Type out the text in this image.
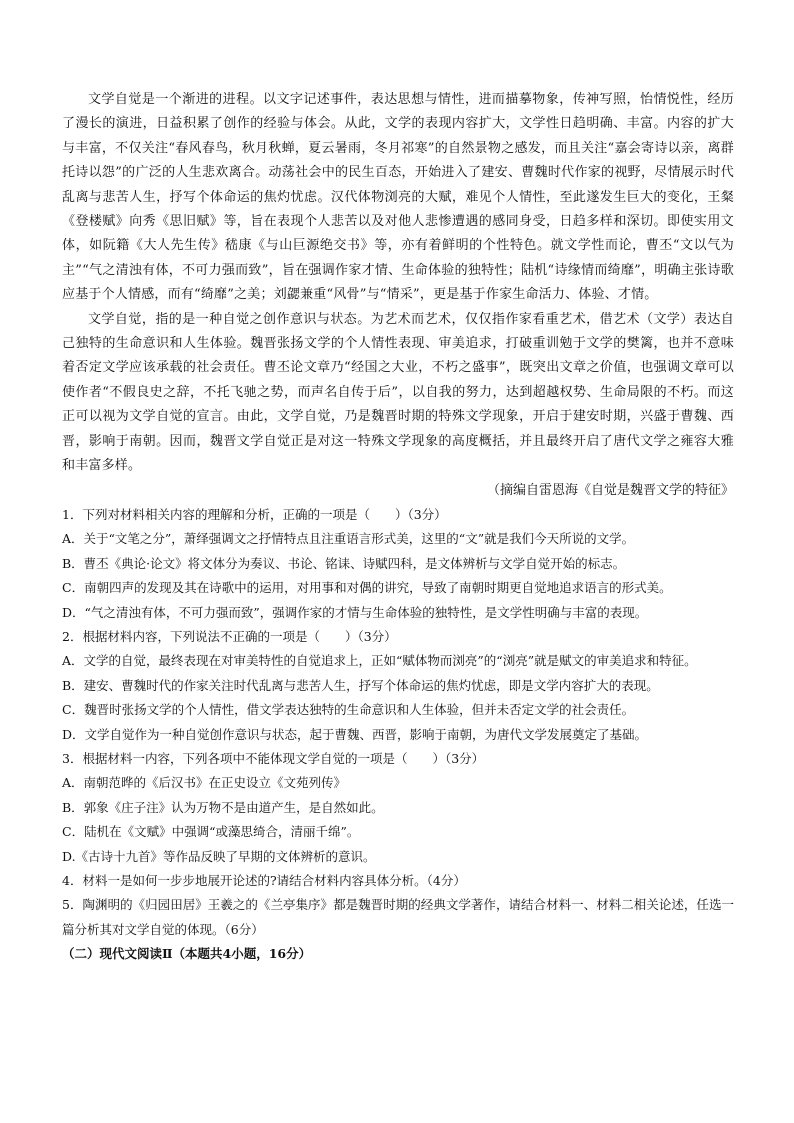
文学自觉是一个渐进的进程。以文字记述事件，表达思想与情性，进而描摹物象，传神写照，怡情悦性，经历了漫长的演进，日益积累了创作的经验与体会。从此，文学的表现内容扩大，文学性日趋明确、丰富。内容的扩大与丰富，不仅关注“春风春鸟，秋月秋蝉，夏云暑雨，冬月祁寒”的自然景物之感发，而且关注“嘉会寄诗以亲，离群托诗以怨”的广泛的人生悲欢离合。动荡社会中的民生百态，开始进入了建安、曹魏时代作家的视野，尽情展示时代乱离与悲苦人生，抒写个体命运的焦灼忧虑。汉代体物浏亮的大赋，难见个人情性，至此遂发生巨大的变化，王粲《登楼赋》向秀《思旧赋》等，旨在表现个人悲苦以及对他人悲惨遭遇的感同身受，日趋多样和深切。即使实用文体，如阮籍《大人先生传》嵇康《与山巨源绝交书》等，亦有着鲜明的个性特色。就文学性而论，曹丕“文以气为主”“气之清浊有体，不可力强而致”，旨在强调作家才情、生命体验的独特性；陆机“诗缘情而绮靡”，明确主张诗歌应基于个人情感，而有“绮靡”之美；刘勰兼重“风骨”与“情采”，更是基于作家生命活力、体验、才情。

文学自觉，指的是一种自觉之创作意识与状态。为艺术而艺术，仅仅指作家看重艺术，借艺术（文学）表达自己独特的生命意识和人生体验。魏晋张扬文学的个人情性表现、审美追求，打破重训勉于文学的樊篱，也并不意味着否定文学应该承载的社会责任。曹丕论文章乃“经国之大业，不朽之盛事”，既突出文章之价值，也强调文章可以使作者“不假良史之辞，不托飞驰之势，而声名自传于后”，以自我的努力，达到超越权势、生命局限的不朽。而这正可以视为文学自觉的宣言。由此，文学自觉，乃是魏晋时期的特殊文学现象，开启于建安时期，兴盛于曹魏、西晋，影响于南朝。因而，魏晋文学自觉正是对这一特殊文学现象的高度概括，并且最终开启了唐代文学之雍容大雅和丰富多样。

（摘编自雷恩海《自觉是魏晋文学的特征》

1．下列对材料相关内容的理解和分析，正确的一项是（　　）（3分）

A．关于“文笔之分”，萧绎强调文之抒情特点且注重语言形式美，这里的“文”就是我们今天所说的文学。

B．曹丕《典论·论文》将文体分为奏议、书论、铭诔、诗赋四科，是文体辨析与文学自觉开始的标志。

C．南朝四声的发现及其在诗歌中的运用，对用事和对偶的讲究，导致了南朝时期更自觉地追求语言的形式美。

D．“气之清浊有体，不可力强而致”，强调作家的才情与生命体验的独特性，是文学性明确与丰富的表现。

2．根据材料内容，下列说法不正确的一项是（　　）（3分）

A．文学的自觉，最终表现在对审美特性的自觉追求上，正如“赋体物而浏亮”的“浏亮”就是赋文的审美追求和特征。

B．建安、曹魏时代的作家关注时代乱离与悲苦人生，抒写个体命运的焦灼忧虑，即是文学内容扩大的表现。

C．魏晋时张扬文学的个人情性，借文学表达独特的生命意识和人生体验，但并未否定文学的社会责任。

D．文学自觉作为一种自觉创作意识与状态，起于曹魏、西晋，影响于南朝，为唐代文学发展奠定了基础。

3．根据材料一内容，下列各项中不能体现文学自觉的一项是（　　）（3分）

A．南朝范晔的《后汉书》在正史设立《文苑列传》

B．郭象《庄子注》认为万物不是由道产生，是自然如此。

C．陆机在《文赋》中强调“或藻思绮合，清丽千绵”。

D.《古诗十九首》等作品反映了早期的文体辨析的意识。

4．材料一是如何一步步地展开论述的?请结合材料内容具体分析。（4分）

5．陶渊明的《归园田居》王羲之的《兰亭集序》都是魏晋时期的经典文学著作，请结合材料一、材料二相关论述，任选一篇分析其对文学自觉的体现。（6分）

（二）现代文阅读Ⅱ（本题共4小题，16分）
